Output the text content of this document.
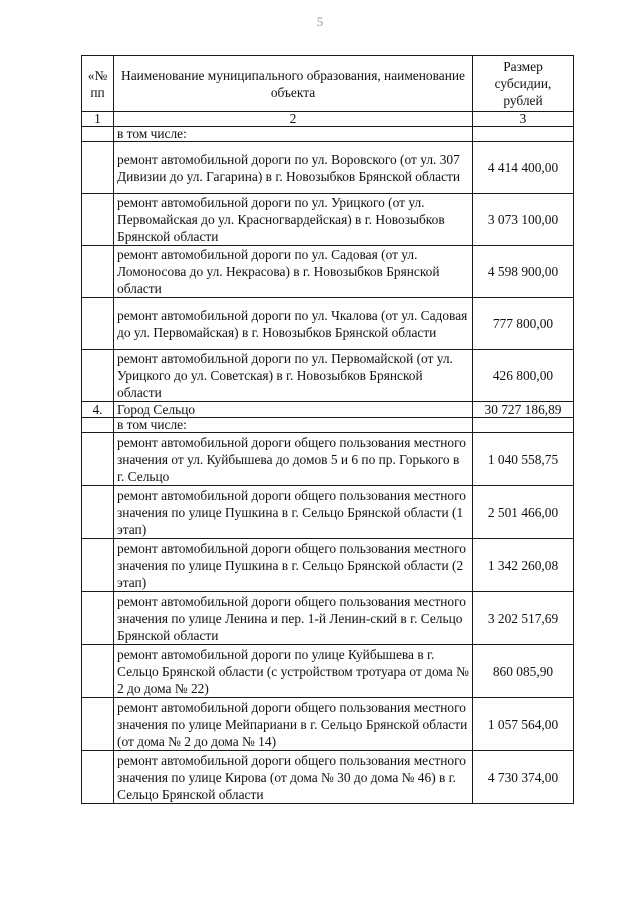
5
«№ пп	Наименование муниципального образования, наименование объекта	Размер субсидии, рублей
1	2	3
	в том числе:	
	ремонт автомобильной дороги по ул. Воровского (от ул. 307 Дивизии до ул. Гагарина) в г. Новозыбков Брянской области	4 414 400,00
	ремонт автомобильной дороги по ул. Урицкого (от ул. Первомайская до ул. Красногвардейская) в г. Новозыбков Брянской области	3 073 100,00
	ремонт автомобильной дороги по ул. Садовая (от ул. Ломоносова до ул. Некрасова) в г. Новозыбков Брянской области	4 598 900,00
	ремонт автомобильной дороги по ул. Чкалова (от ул. Садовая до ул. Первомайская) в г. Новозыбков Брянской области	777 800,00
	ремонт автомобильной дороги по ул. Первомайской (от ул. Урицкого до ул. Советская) в г. Новозыбков Брянской области	426 800,00
4.	Город Сельцо	30 727 186,89
	в том числе:	
	ремонт автомобильной дороги общего пользования местного значения от ул. Куйбышева до домов 5 и 6 по пр. Горького в г. Сельцо	1 040 558,75
	ремонт автомобильной дороги общего пользования местного значения по улице Пушкина в г. Сельцо Брянской области (1 этап)	2 501 466,00
	ремонт автомобильной дороги общего пользования местного значения по улице Пушкина в г. Сельцо Брянской области (2 этап)	1 342 260,08
	ремонт автомобильной дороги общего пользования местного значения по улице Ленина и пер. 1-й Ленин-ский в г. Сельцо Брянской области	3 202 517,69
	ремонт автомобильной дороги по улице Куйбышева в г. Сельцо Брянской области (с устройством тротуара от дома № 2 до дома № 22)	860 085,90
	ремонт автомобильной дороги общего пользования местного значения по улице Мейпариани в г. Сельцо Брянской области (от дома № 2 до дома № 14)	1 057 564,00
	ремонт автомобильной дороги общего пользования местного значения по улице Кирова (от дома № 30 до дома № 46) в г. Сельцо Брянской области	4 730 374,00
